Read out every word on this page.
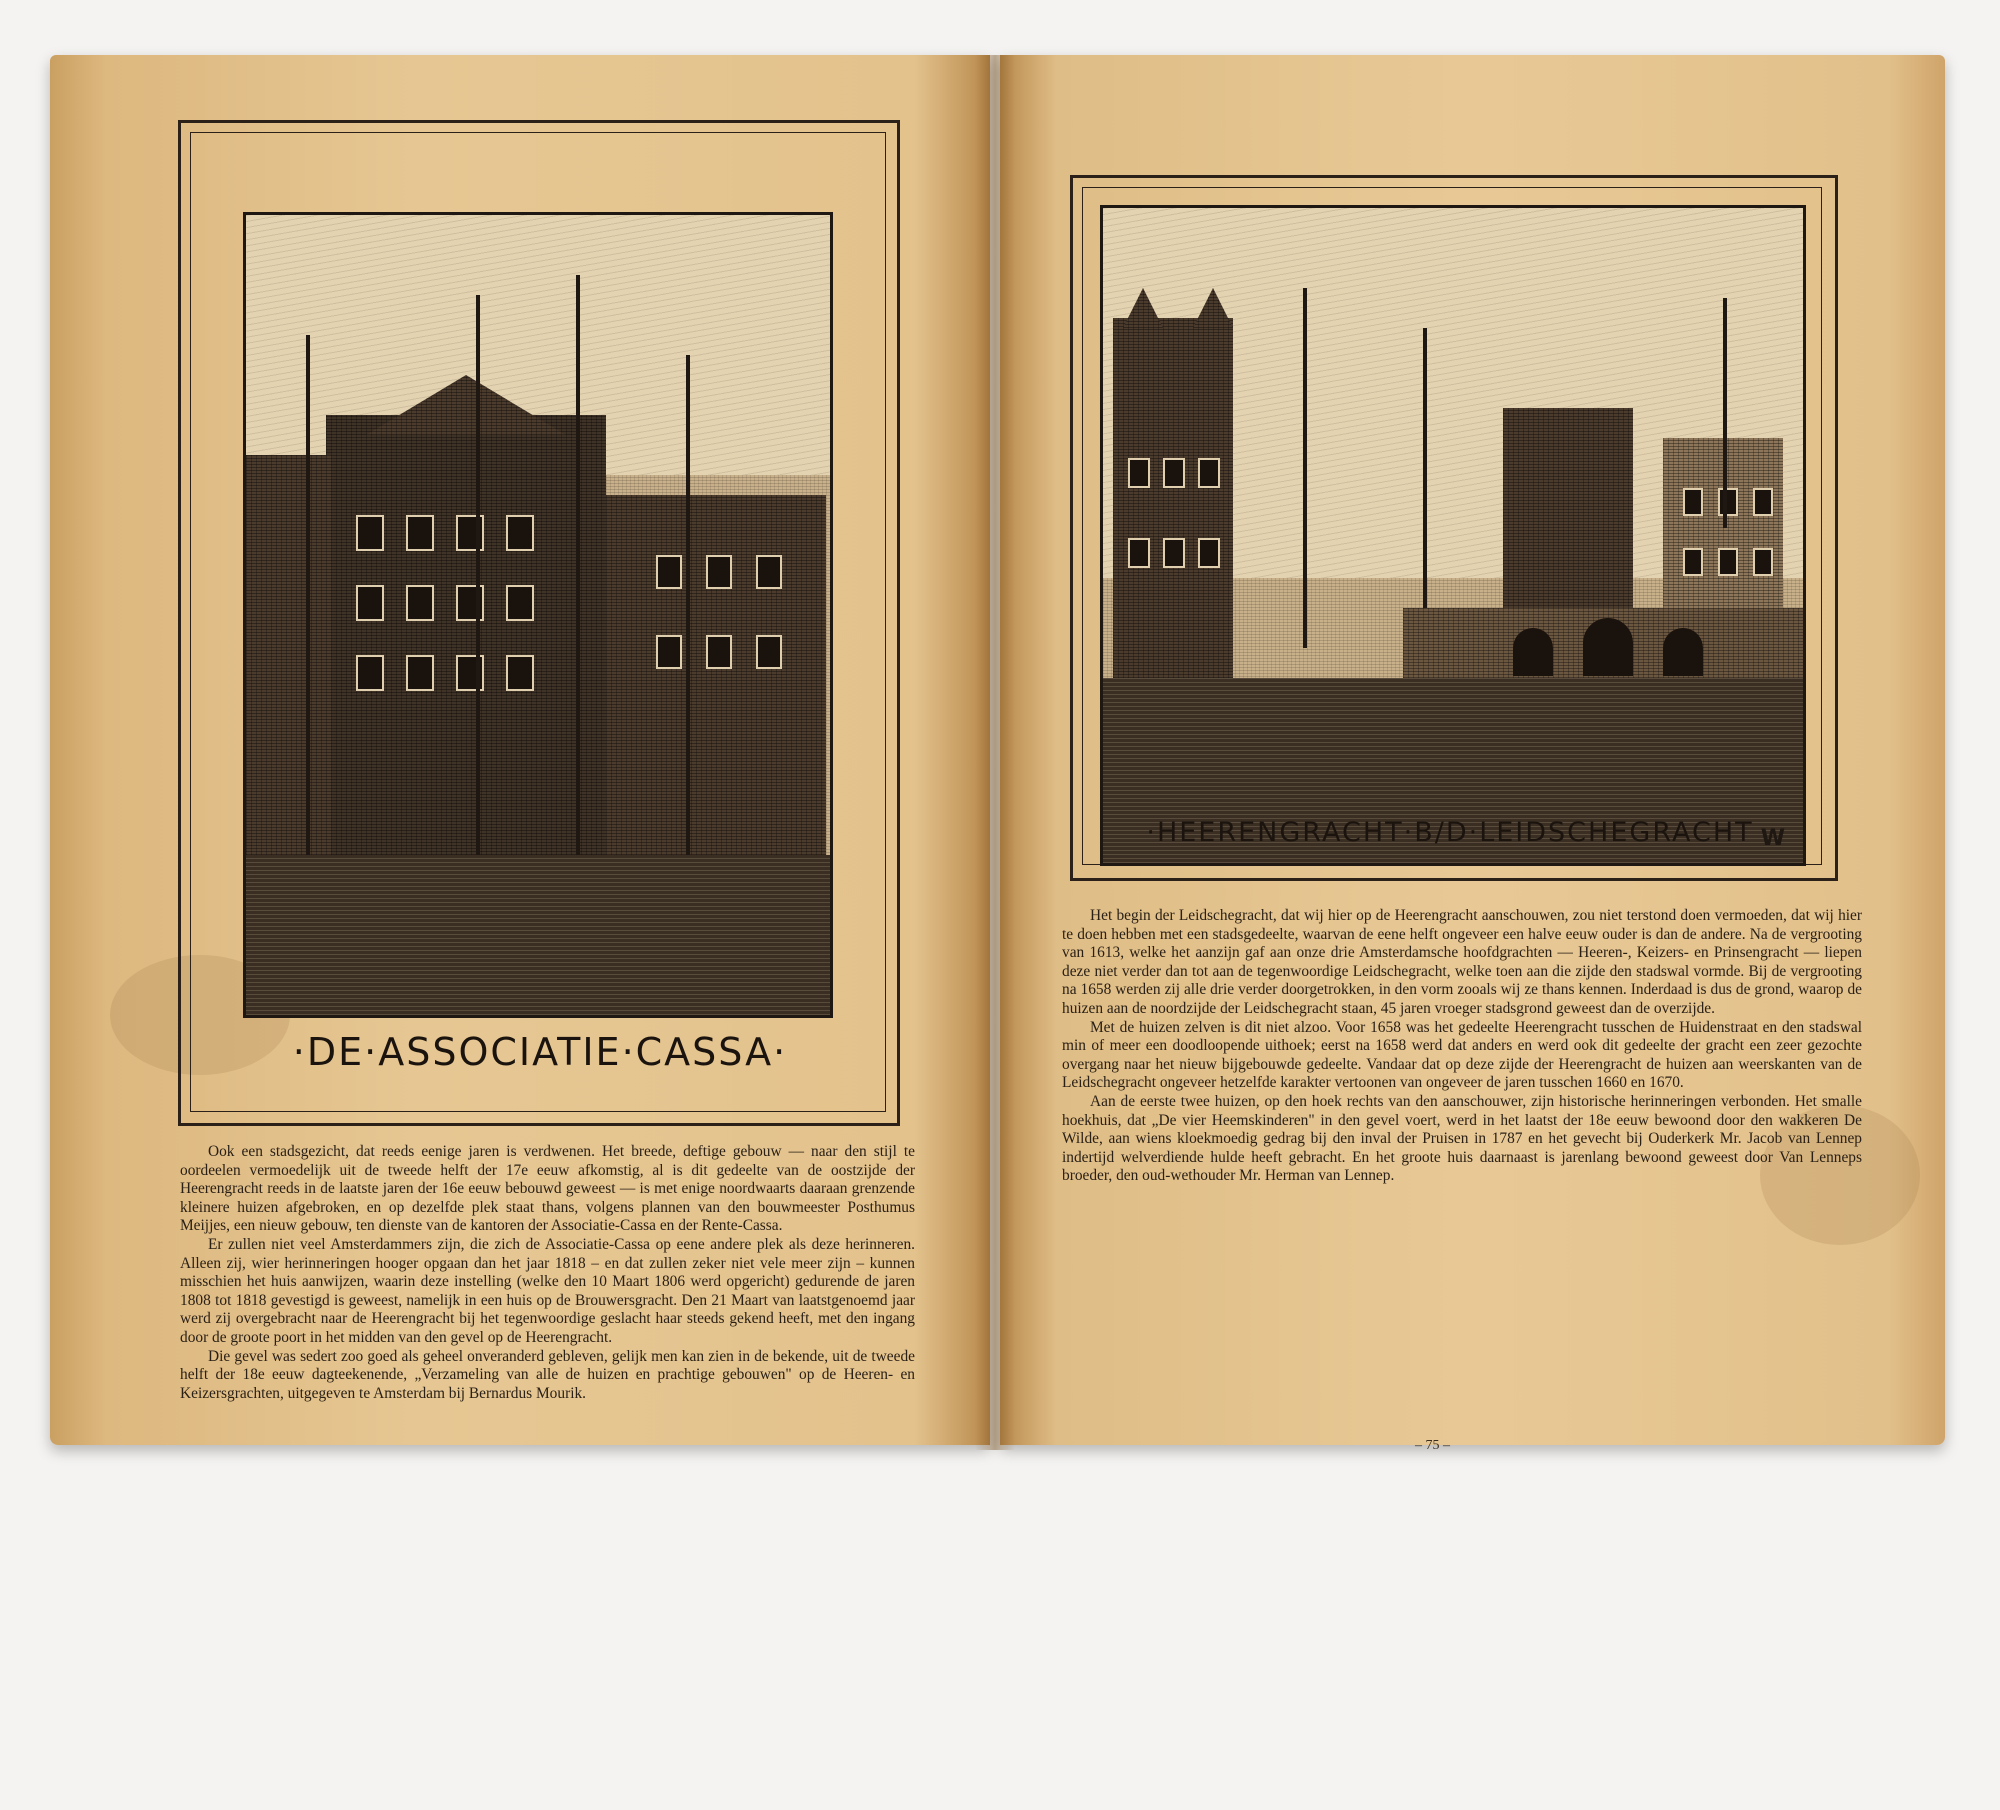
·DE·ASSOCIATIE·CASSA·

Ook een stadsgezicht, dat reeds eenige jaren is verdwenen. Het breede, deftige gebouw — naar den stijl te oordeelen vermoedelijk uit de tweede helft der 17e eeuw afkomstig, al is dit gedeelte van de oostzijde der Heerengracht reeds in de laatste jaren der 16e eeuw bebouwd geweest — is met enige noordwaarts daaraan grenzende kleinere huizen afgebroken, en op dezelfde plek staat thans, volgens plannen van den bouwmeester Posthumus Meijjes, een nieuw gebouw, ten dienste van de kantoren der Associatie-Cassa en der Rente-Cassa.

Er zullen niet veel Amsterdammers zijn, die zich de Associatie-Cassa op eene andere plek als deze herinneren. Alleen zij, wier herinneringen hooger opgaan dan het jaar 1818 – en dat zullen zeker niet vele meer zijn – kunnen misschien het huis aanwijzen, waarin deze instelling (welke den 10 Maart 1806 werd opgericht) gedurende de jaren 1808 tot 1818 gevestigd is geweest, namelijk in een huis op de Brouwersgracht. Den 21 Maart van laatstgenoemd jaar werd zij overgebracht naar de Heerengracht bij het tegenwoordige geslacht haar steeds gekend heeft, met den ingang door de groote poort in het midden van den gevel op de Heerengracht.

Die gevel was sedert zoo goed als geheel onveranderd gebleven, gelijk men kan zien in de bekende, uit de tweede helft der 18e eeuw dagteekenende, „Verzameling van alle de huizen en prachtige gebouwen" op de Heeren- en Keizersgrachten, uitgegeven te Amsterdam bij Bernardus Mourik.

W
·HEERENGRACHT·B/D·LEIDSCHEGRACHT

Het begin der Leidschegracht, dat wij hier op de Heerengracht aanschouwen, zou niet terstond doen vermoeden, dat wij hier te doen hebben met een stadsgedeelte, waarvan de eene helft ongeveer een halve eeuw ouder is dan de andere. Na de vergrooting van 1613, welke het aanzijn gaf aan onze drie Amsterdamsche hoofdgrachten — Heeren-, Keizers- en Prinsengracht — liepen deze niet verder dan tot aan de tegenwoordige Leidschegracht, welke toen aan die zijde den stadswal vormde. Bij de vergrooting na 1658 werden zij alle drie verder doorgetrokken, in den vorm zooals wij ze thans kennen. Inderdaad is dus de grond, waarop de huizen aan de noordzijde der Leidschegracht staan, 45 jaren vroeger stadsgrond geweest dan de overzijde.

Met de huizen zelven is dit niet alzoo. Voor 1658 was het gedeelte Heerengracht tusschen de Huidenstraat en den stadswal min of meer een doodloopende uithoek; eerst na 1658 werd dat anders en werd ook dit gedeelte der gracht een zeer gezochte overgang naar het nieuw bijgebouwde gedeelte. Vandaar dat op deze zijde der Heerengracht de huizen aan weerskanten van de Leidschegracht ongeveer hetzelfde karakter vertoonen van ongeveer de jaren tusschen 1660 en 1670.

Aan de eerste twee huizen, op den hoek rechts van den aanschouwer, zijn historische herinneringen verbonden. Het smalle hoekhuis, dat „De vier Heemskinderen" in den gevel voert, werd in het laatst der 18e eeuw bewoond door den wakkeren De Wilde, aan wiens kloekmoedig gedrag bij den inval der Pruisen in 1787 en het gevecht bij Ouderkerk Mr. Jacob van Lennep indertijd welverdiende hulde heeft gebracht. En het groote huis daarnaast is jarenlang bewoond geweest door Van Lenneps broeder, den oud-wethouder Mr. Herman van Lennep.

– 75 –
